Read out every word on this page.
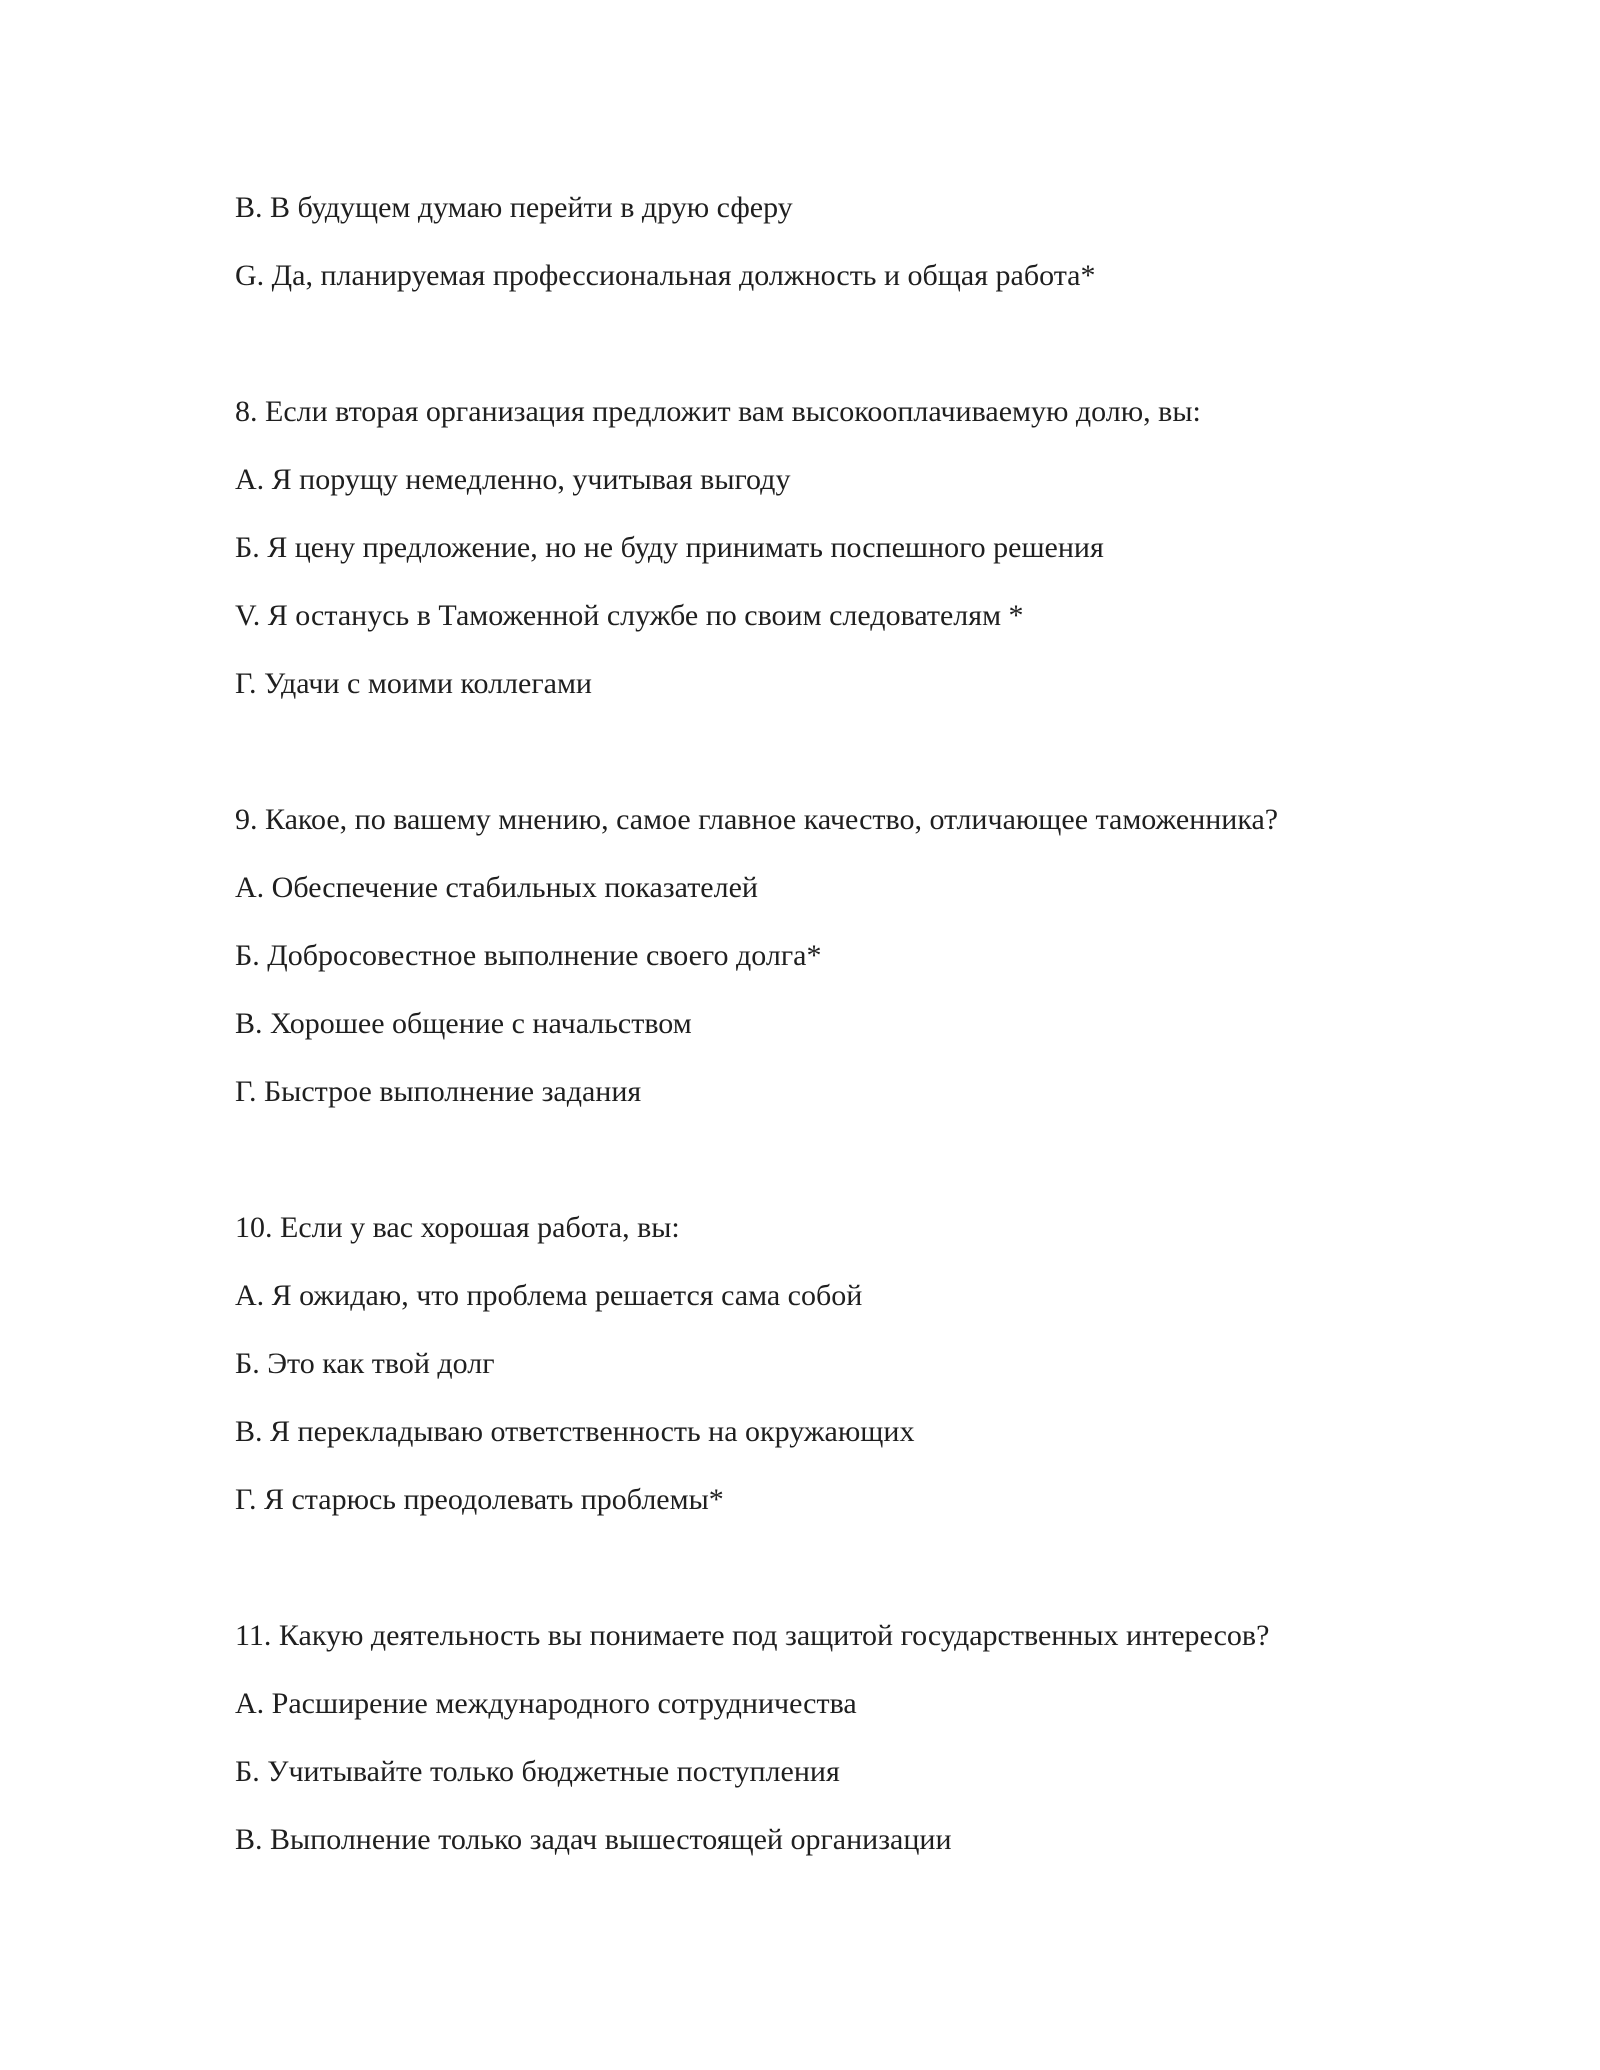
В. В будущем думаю перейти в друю сферу
G. Да, планируемая профессиональная должность и общая работа*
8. Если вторая организация предложит вам высокооплачиваемую долю, вы:
А. Я порущу немедленно, учитывая выгоду
Б. Я цену предложение, но не буду принимать поспешного решения
V. Я останусь в Таможенной службе по своим следователям *
Г. Удачи с моими коллегами
9. Какое, по вашему мнению, самое главное качество, отличающее таможенника?
А. Обеспечение стабильных показателей
Б. Добросовестное выполнение своего долга*
В. Хорошее общение с начальством
Г. Быстрое выполнение задания
10. Если у вас хорошая работа, вы:
А. Я ожидаю, что проблема решается сама собой
Б. Это как твой долг
В. Я перекладываю ответственность на окружающих
Г. Я старюсь преодолевать проблемы*
11. Какую деятельность вы понимаете под защитой государственных интересов?
А. Расширение международного сотрудничества
Б. Учитывайте только бюджетные поступления
В. Выполнение только задач вышестоящей организации
